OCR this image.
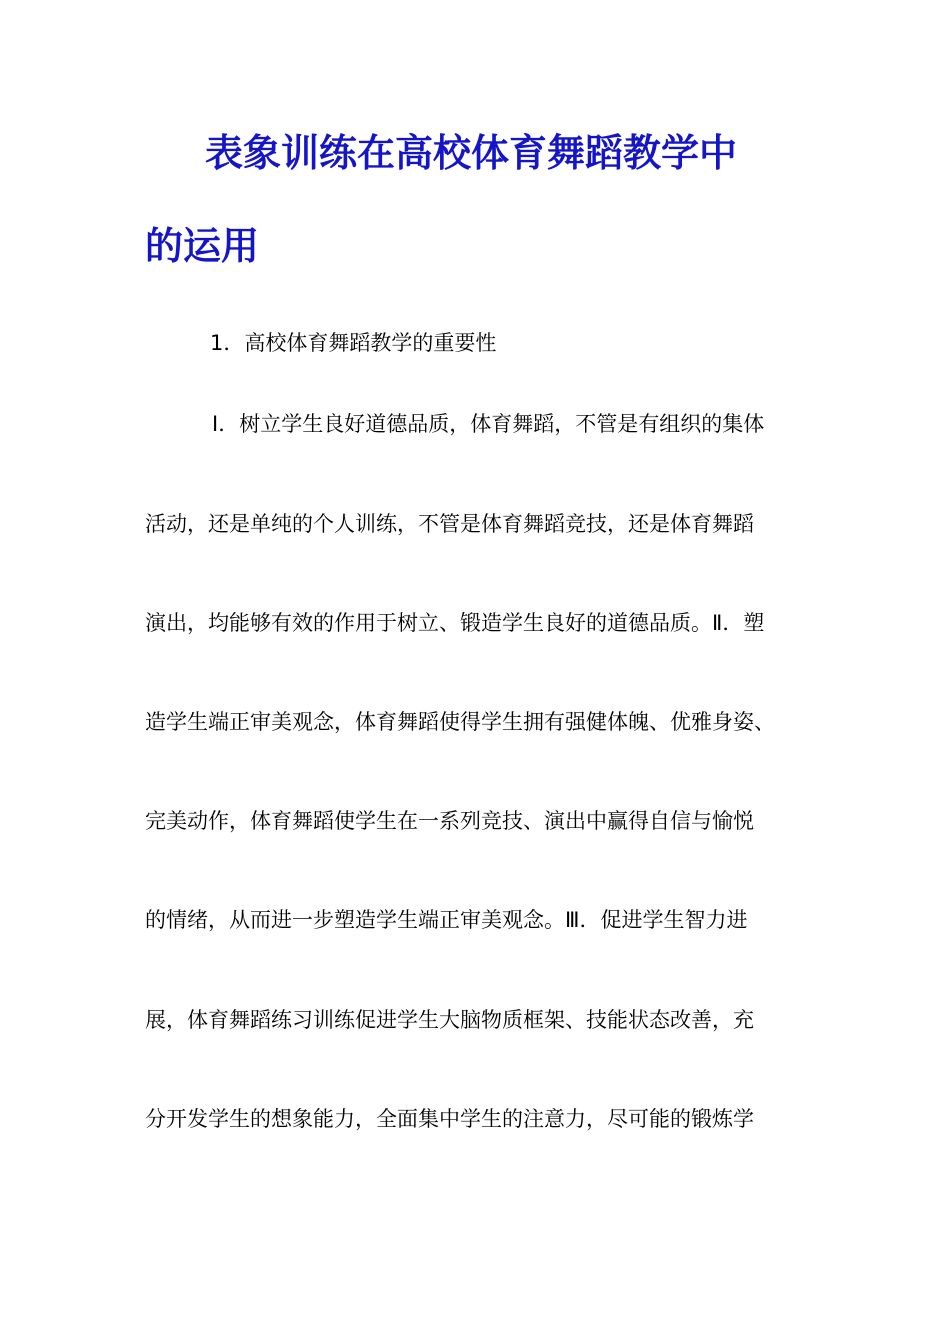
表象训练在高校体育舞蹈教学中
的运用
1．高校体育舞蹈教学的重要性
Ⅰ．树立学生良好道德品质，体育舞蹈，不管是有组织的集体
活动，还是单纯的个人训练，不管是体育舞蹈竞技，还是体育舞蹈
演出，均能够有效的作用于树立、锻造学生良好的道德品质。Ⅱ．塑
造学生端正审美观念，体育舞蹈使得学生拥有强健体魄、优雅身姿、
完美动作，体育舞蹈使学生在一系列竞技、演出中赢得自信与愉悦
的情绪，从而进一步塑造学生端正审美观念。Ⅲ．促进学生智力进
展，体育舞蹈练习训练促进学生大脑物质框架、技能状态改善，充
分开发学生的想象能力，全面集中学生的注意力，尽可能的锻炼学
